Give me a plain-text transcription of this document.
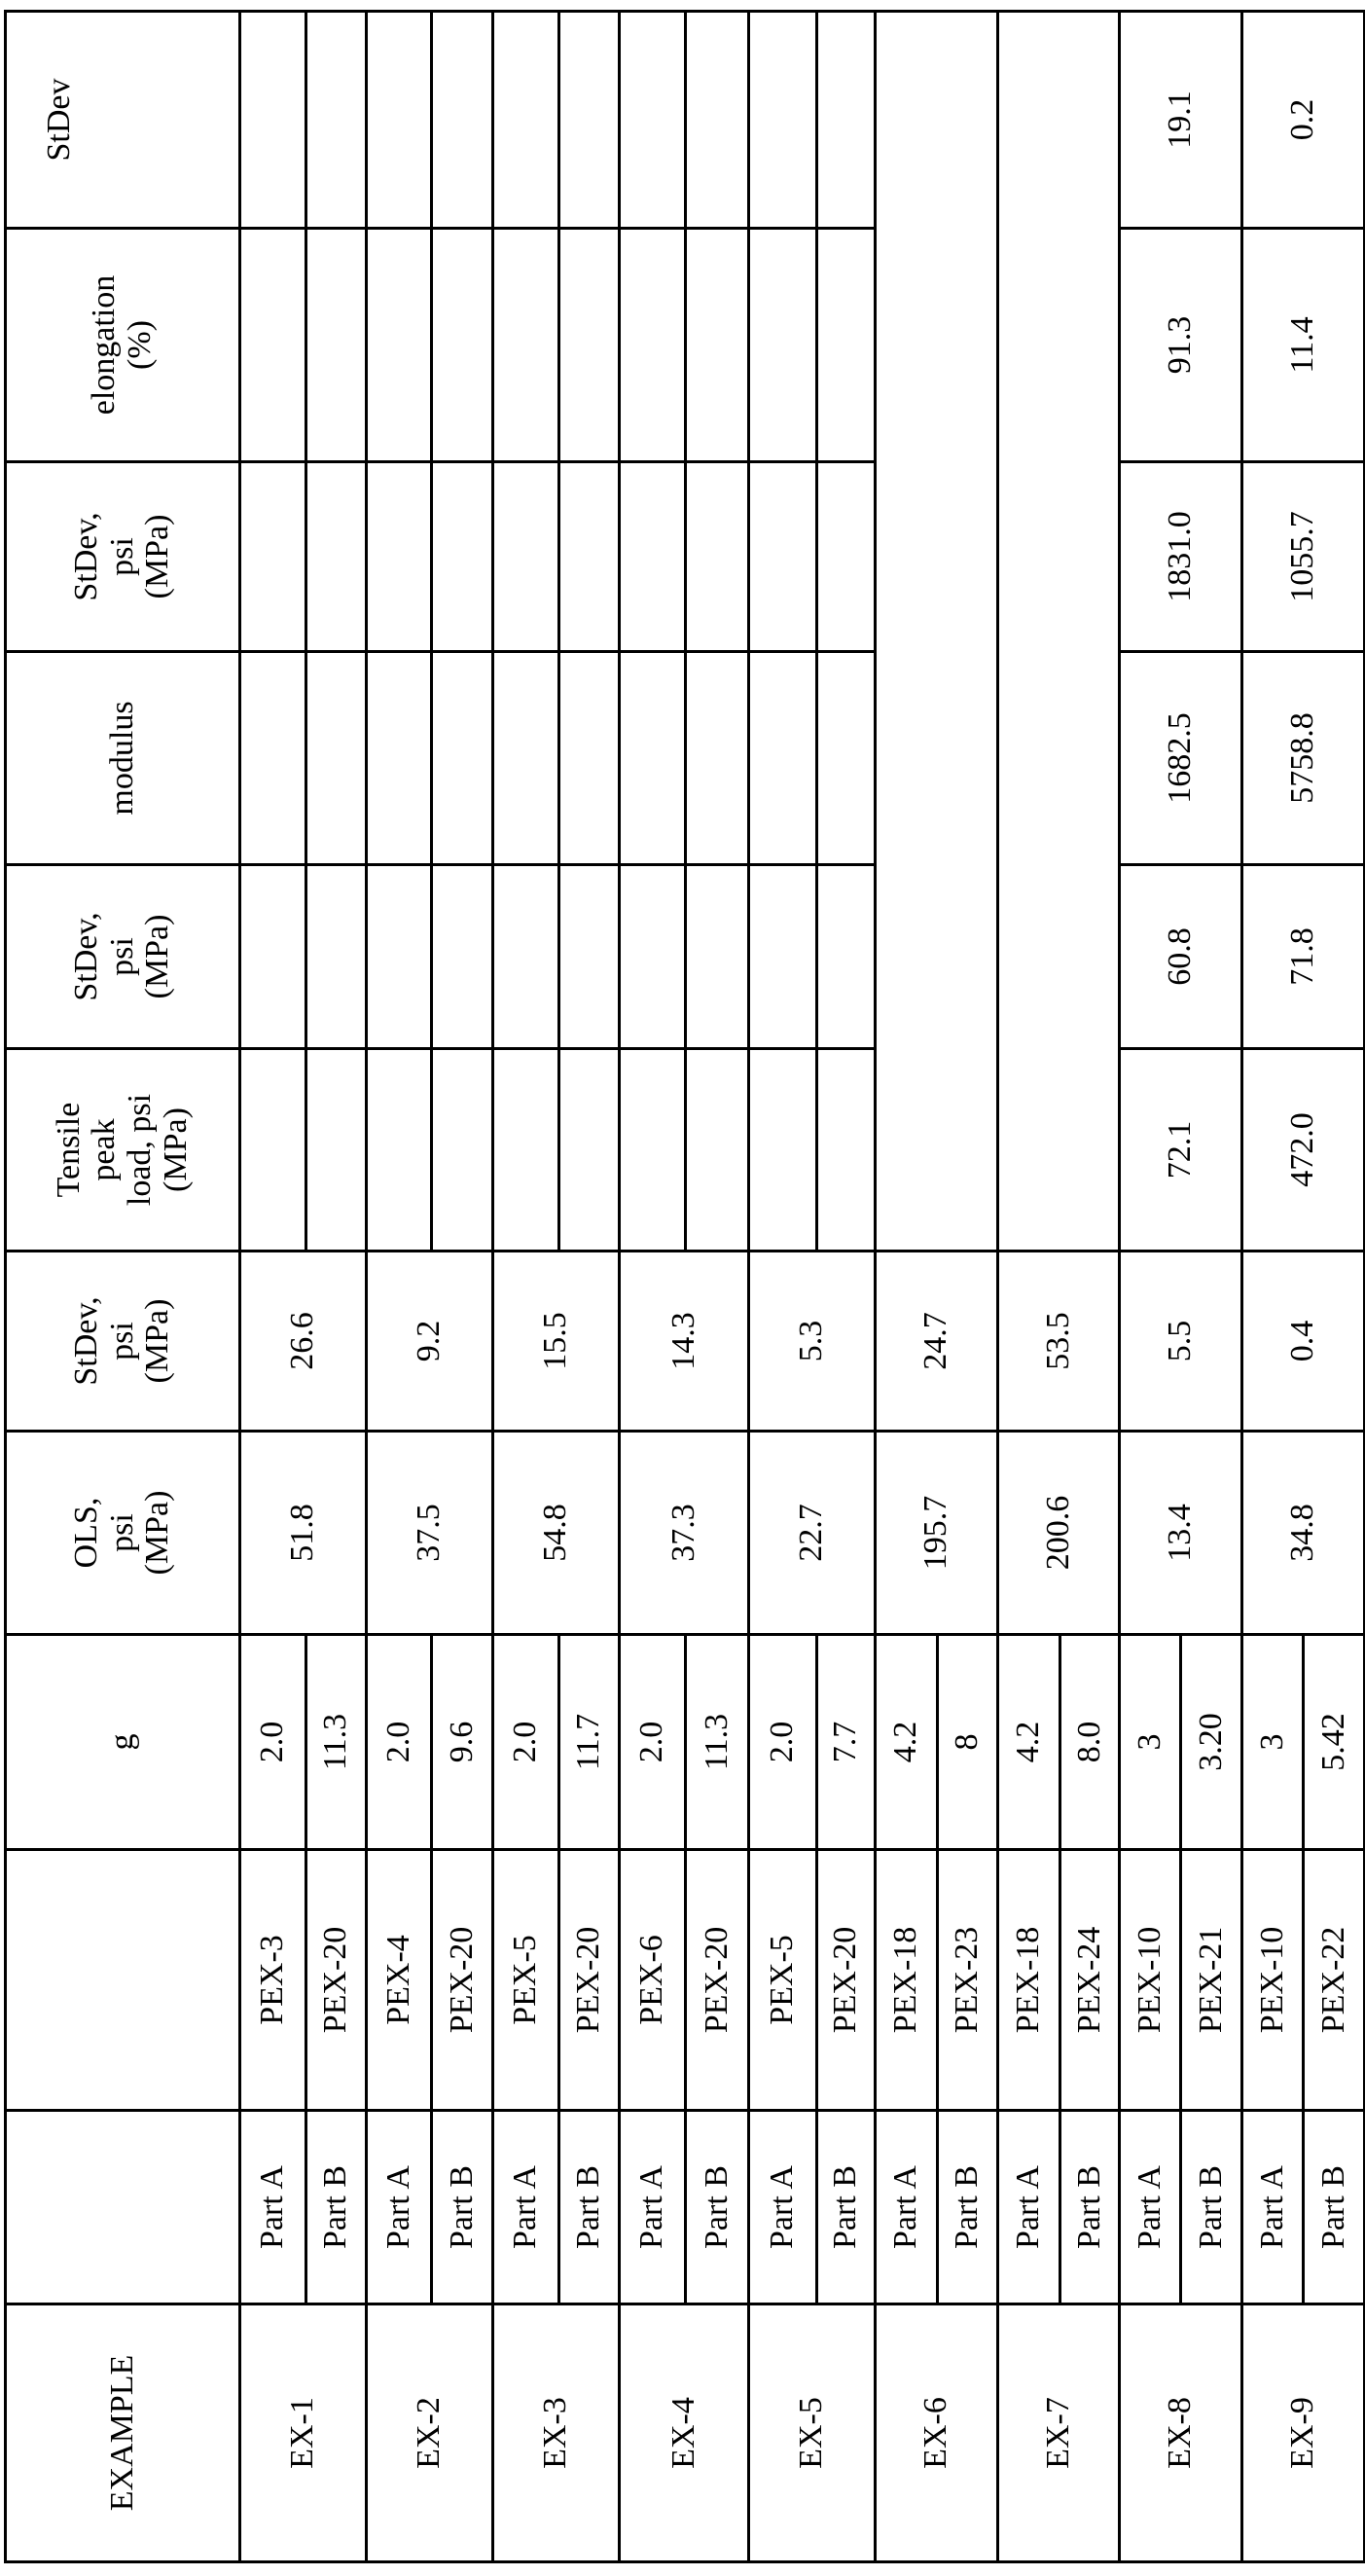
EXAMPLE			g	OLS,
psi
(MPa)	StDev,
psi
(MPa)	Tensile
peak
load, psi
(MPa)	StDev,
psi
(MPa)	modulus	StDev,
psi
(MPa)	elongation
(%)	StDev
EX-1	Part A	PEX-3	2.0	51.8	26.6						
Part B	PEX-20	11.3						
EX-2	Part A	PEX-4	2.0	37.5	9.2						
Part B	PEX-20	9.6						
EX-3	Part A	PEX-5	2.0	54.8	15.5						
Part B	PEX-20	11.7						
EX-4	Part A	PEX-6	2.0	37.3	14.3						
Part B	PEX-20	11.3						
EX-5	Part A	PEX-5	2.0	22.7	5.3						
Part B	PEX-20	7.7						
EX-6	Part A	PEX-18	4.2	195.7	24.7	
Part B	PEX-23	8
EX-7	Part A	PEX-18	4.2	200.6	53.5	
Part B	PEX-24	8.0
EX-8	Part A	PEX-10	3	13.4	5.5	72.1	60.8	1682.5	1831.0	91.3	19.1
Part B	PEX-21	3.20
EX-9	Part A	PEX-10	3	34.8	0.4	472.0	71.8	5758.8	1055.7	11.4	0.2
Part B	PEX-22	5.42
